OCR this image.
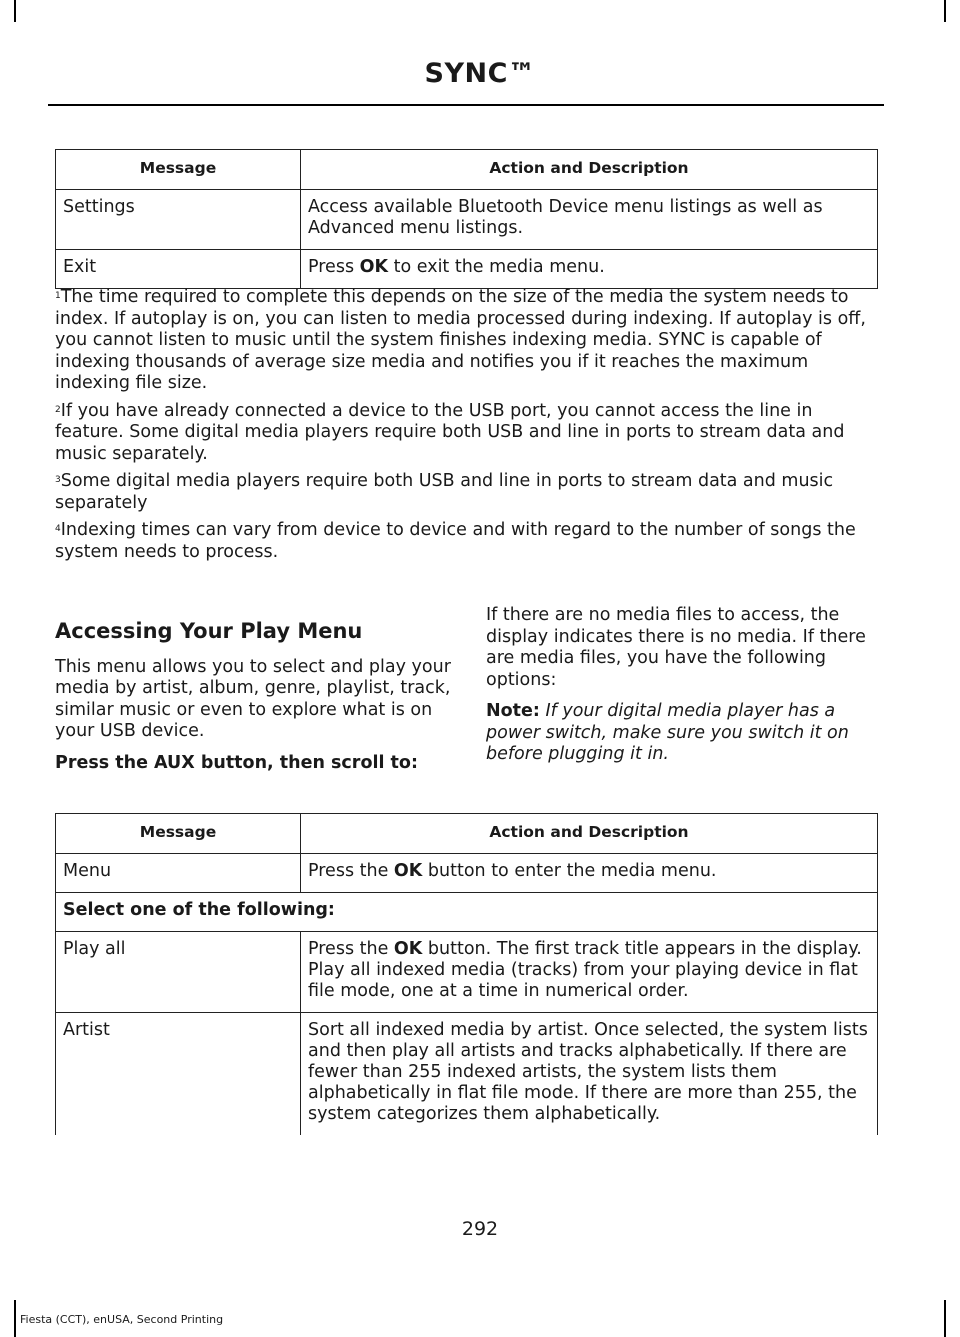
SYNC™
Message	Action and Description
Settings	Access available Bluetooth Device menu listings as well as Advanced menu listings.
Exit	Press OK to exit the media menu.

$^1$The time required to complete this depends on the size of the media the system needs to index. If autoplay is on, you can listen to media processed during indexing. If autoplay is off, you cannot listen to music until the system finishes indexing media. SYNC is capable of indexing thousands of average size media and notifies you if it reaches the maximum indexing file size.

$^2$If you have already connected a device to the USB port, you cannot access the line in feature. Some digital media players require both USB and line in ports to stream data and music separately.

$^3$Some digital media players require both USB and line in ports to stream data and music separately

$^4$Indexing times can vary from device to device and with regard to the number of songs the system needs to process.

Accessing Your Play Menu

This menu allows you to select and play your media by artist, album, genre, playlist, track, similar music or even to explore what is on your USB device.

If there are no media files to access, the display indicates there is no media. If there are media files, you have the following options:

Note: If your digital media player has a power switch, make sure you switch it on before plugging it in.

Press the AUX button, then scroll to:
Message	Action and Description
Menu	Press the OK button to enter the media menu.
Select one of the following:	
Play all	Press the OK button. The first track title appears in the display.
Play all indexed media (tracks) from your playing device in flat file mode, one at a time in numerical order.
Artist	Sort all indexed media by artist. Once selected, the system lists and then play all artists and tracks alphabetically. If there are fewer than 255 indexed artists, the system lists them alphabetically in flat file mode. If there are more than 255, the system categorizes them alphabetically.
292
Fiesta (CCT), enUSA, Second Printing
